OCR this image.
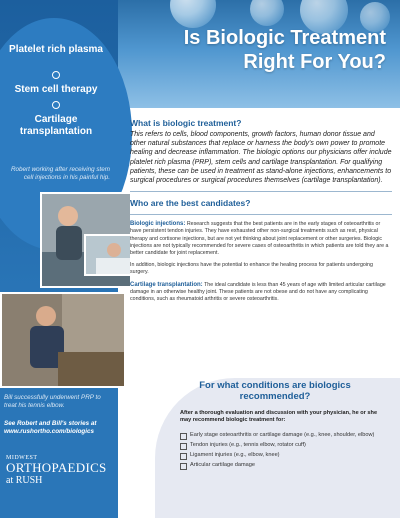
Is Biologic Treatment Right For You?
Platelet rich plasma
Stem cell therapy
Cartilage transplantation
Robert working after receiving stem cell injections in his painful hip.
Bill successfully underwent PRP to treat his tennis elbow.
See Robert and Bill's stories at www.rushortho.com/biologics
MIDWEST
ORTHOPAEDICS
at RUSH
What is biologic treatment?

This refers to cells, blood components, growth factors, human donor tissue and other natural substances that replace or harness the body's own power to promote healing and decrease inflammation. The biologic options our physicians offer include platelet rich plasma (PRP), stem cells and cartilage transplantation. For qualifying patients, these can be used in treatment as stand-alone injections, enhancements to surgical procedures or surgical procedures themselves (cartilage transplantation).

Who are the best candidates?

Biologic injections: Research suggests that the best patients are in the early stages of osteoarthritis or have persistent tendon injuries. They have exhausted other non-surgical treatments such as rest, physical therapy and cortisone injections, but are not yet thinking about joint replacement or other surgeries. Biologic injections are not typically recommended for severe cases of osteoarthritis in which patients are told they are a better candidate for joint replacement.

In addition, biologic injections have the potential to enhance the healing process for patients undergoing surgery.

Cartilage transplantation: The ideal candidate is less than 45 years of age with limited articular cartilage damage in an otherwise healthy joint. These patients are not obese and do not have any complicating conditions, such as rheumatoid arthritis or severe osteoarthritis.

For what conditions are biologics recommended?
After a thorough evaluation and discussion with your physician, he or she may recommend biologic treatment for:
Early stage osteoarthritis or cartilage damage (e.g., knee, shoulder, elbow)
Tendon injuries (e.g., tennis elbow, rotator cuff)
Ligament injuries (e.g., elbow, knee)
Articular cartilage damage
